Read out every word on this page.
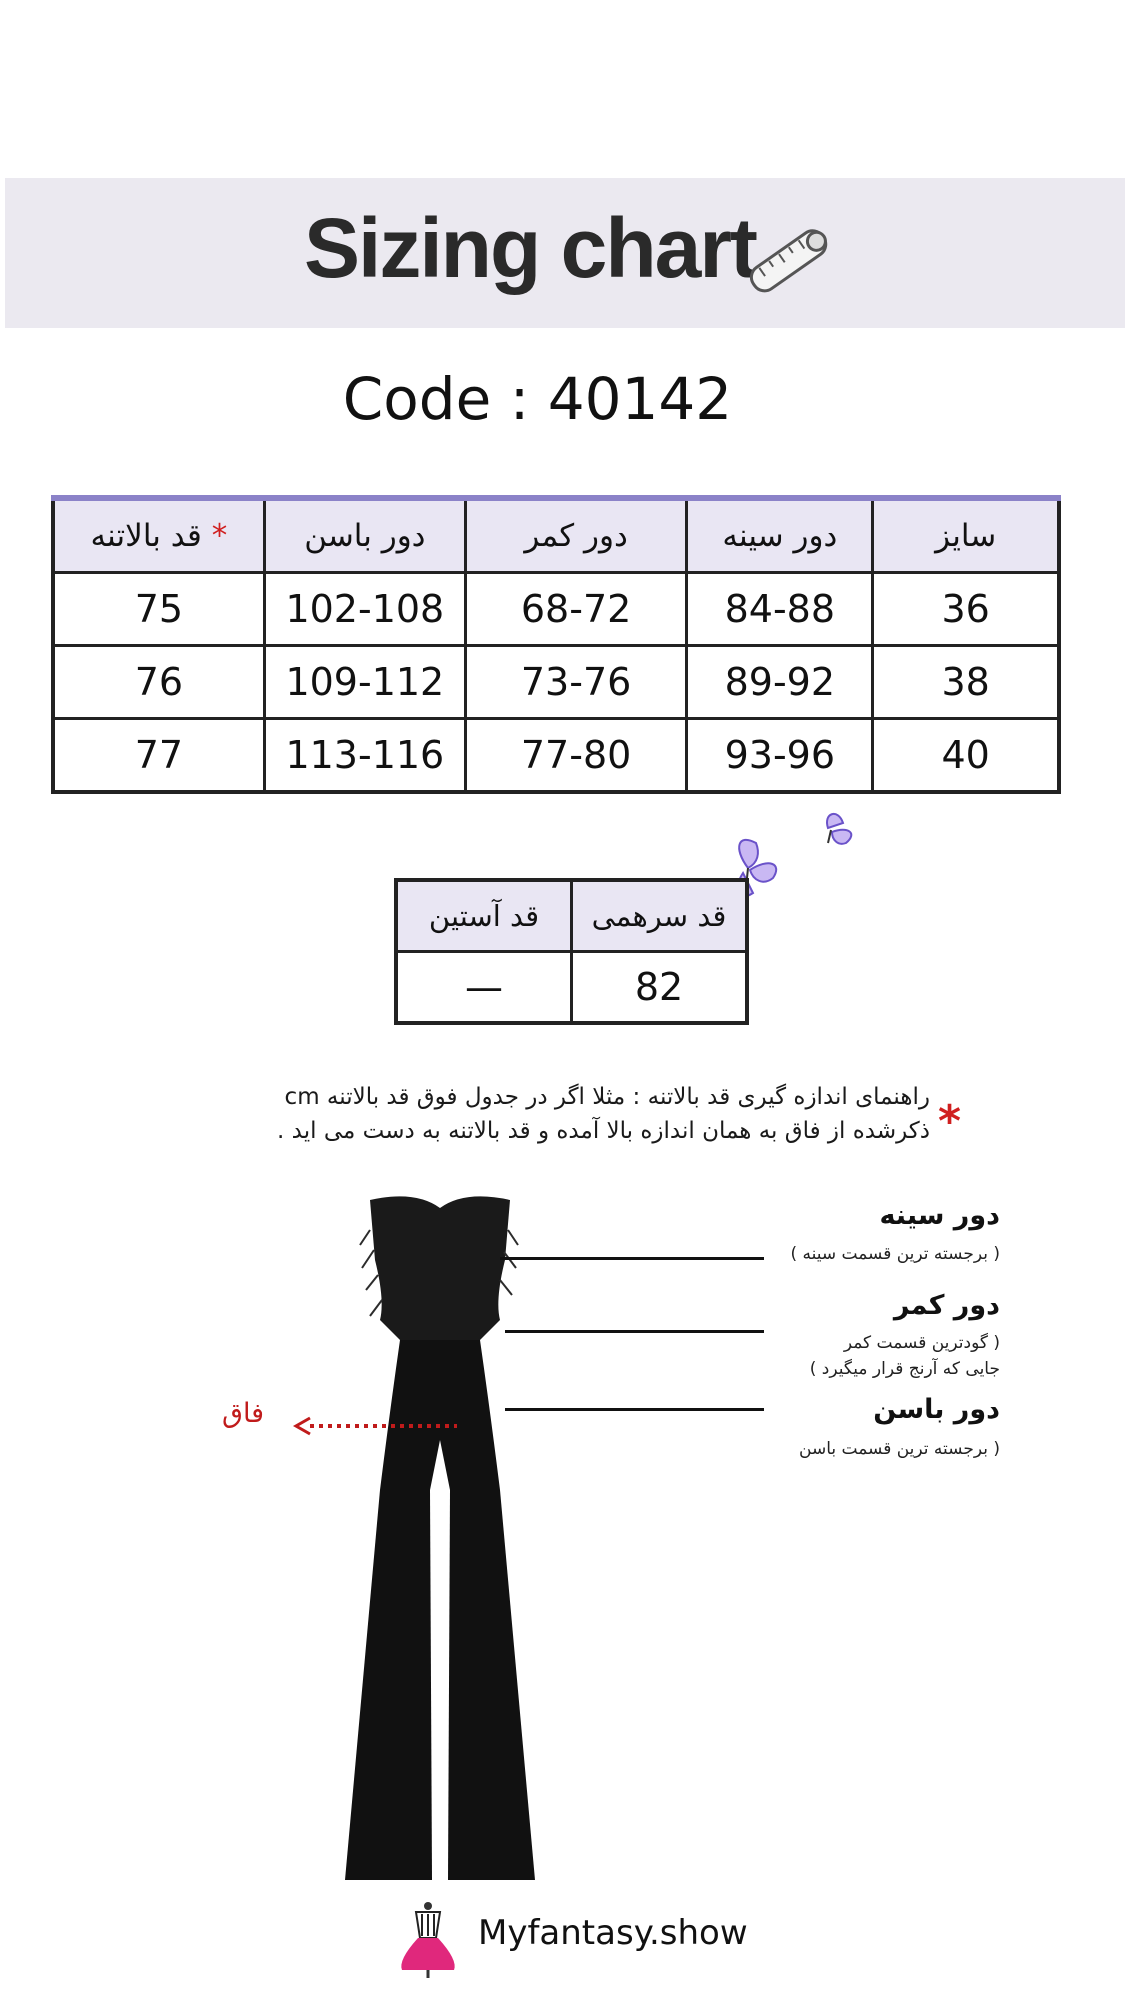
Sizing chart
Code : 40142
قد بالاتنه *	دور باسن	دور کمر	دور سینه	سایز
75	102-108	68-72	84-88	36
76	109-112	73-76	89-92	38
77	113-116	77-80	93-96	40
قد آستین	قد سرهمی
—	82
راهنمای اندازه گیری قد بالاتنه : مثلا اگر در جدول فوق قد بالاتنه cm
ذکرشده از فاق به همان اندازه بالا آمده و قد بالاتنه به دست می اید . *
فاق
دور سینه
( برجسته ترین قسمت سینه )
دور کمر
( گودترین قسمت کمر
جایی که آرنج قرار میگیرد )
دور باسن
( برجسته ترین قسمت باسن
Myfantasy.show
